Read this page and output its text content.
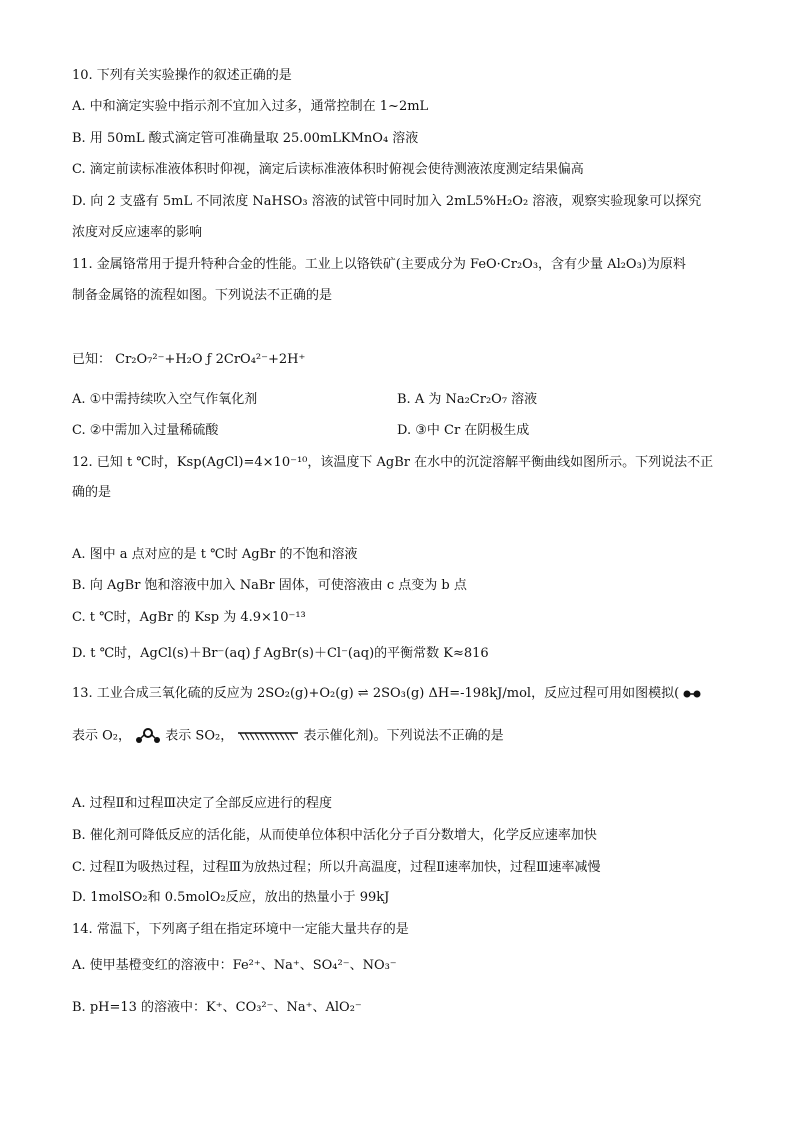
10. 下列有关实验操作的叙述正确的是
A. 中和滴定实验中指示剂不宜加入过多，通常控制在 1~2mL
B. 用 50mL 酸式滴定管可准确量取 25.00mLKMnO₄ 溶液
C. 滴定前读标准液体积时仰视，滴定后读标准液体积时俯视会使待测液浓度测定结果偏高
D. 向 2 支盛有 5mL 不同浓度 NaHSO₃ 溶液的试管中同时加入 2mL5%H₂O₂ 溶液，观察实验现象可以探究
浓度对反应速率的影响
11. 金属铬常用于提升特种合金的性能。工业上以铬铁矿(主要成分为 FeO·Cr₂O₃，含有少量 Al₂O₃)为原料
制备金属铬的流程如图。下列说法不正确的是
已知： Cr₂O₇²⁻+H₂O ƒ 2CrO₄²⁻+2H⁺
A. ①中需持续吹入空气作氧化剂	B. A 为 Na₂Cr₂O₇ 溶液
C. ②中需加入过量稀硫酸	D. ③中 Cr 在阴极生成
12. 已知 t ℃时，Ksp(AgCl)=4×10⁻¹⁰，该温度下 AgBr 在水中的沉淀溶解平衡曲线如图所示。下列说法不正
确的是
A. 图中 a 点对应的是 t ℃时 AgBr 的不饱和溶液
B. 向 AgBr 饱和溶液中加入 NaBr 固体，可使溶液由 c 点变为 b 点
C. t ℃时，AgBr 的 Ksp 为 4.9×10⁻¹³
D. t ℃时，AgCl(s)＋Br⁻(aq) ƒ AgBr(s)＋Cl⁻(aq)的平衡常数 K≈816
13. 工业合成三氧化硫的反应为 2SO₂(g)+O₂(g) ⇌ 2SO₃(g) ΔH=-198kJ/mol，反应过程可用如图模拟(
表示 O₂，	表示 SO₂，	表示催化剂)。下列说法不正确的是
A. 过程Ⅱ和过程Ⅲ决定了全部反应进行的程度
B. 催化剂可降低反应的活化能，从而使单位体积中活化分子百分数增大，化学反应速率加快
C. 过程Ⅱ为吸热过程，过程Ⅲ为放热过程；所以升高温度，过程Ⅱ速率加快，过程Ⅲ速率减慢
D. 1molSO₂和 0.5molO₂反应，放出的热量小于 99kJ
14. 常温下，下列离子组在指定环境中一定能大量共存的是
A. 使甲基橙变红的溶液中：Fe²⁺、Na⁺、SO₄²⁻、NO₃⁻
B. pH=13 的溶液中：K⁺、CO₃²⁻、Na⁺、AlO₂⁻
